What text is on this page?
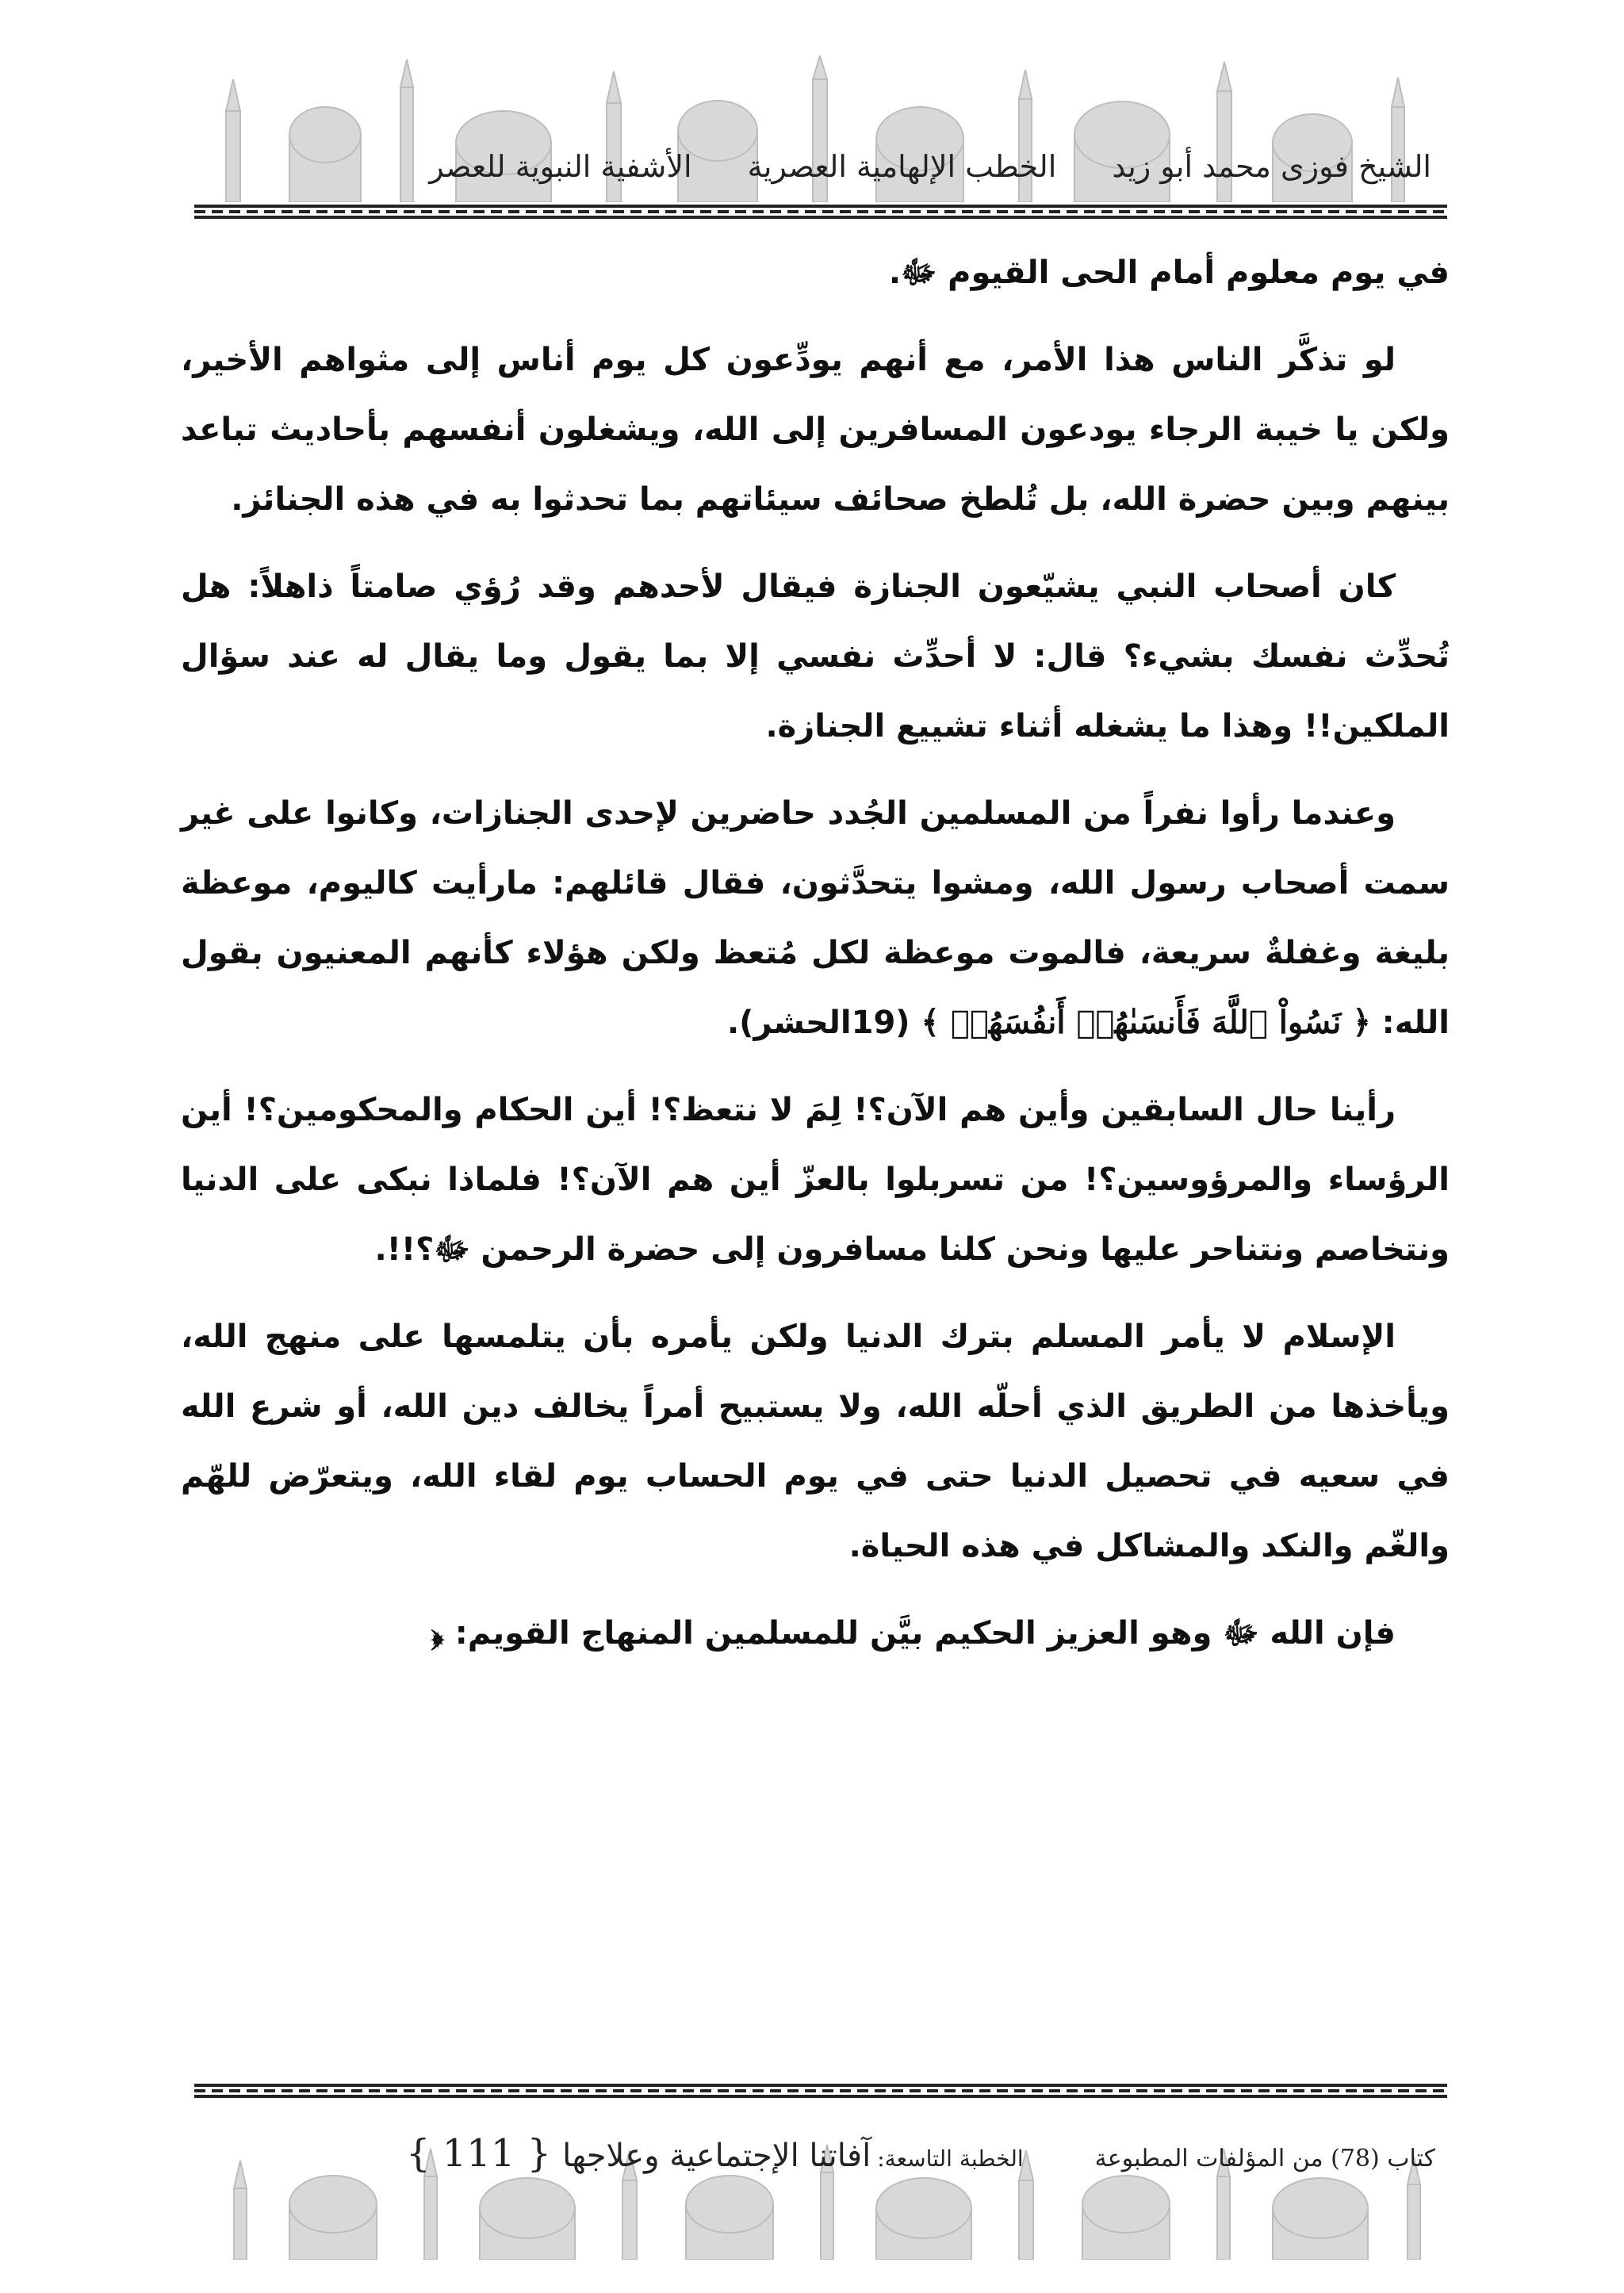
الشيخ فوزى محمد أبو زيد
الخطب الإلهامية العصرية
الأشفية النبوية للعصر

في يوم معلوم أمام الحى القيوم ﷻ.

لو تذكَّر الناس هذا الأمر، مع أنهم يودِّعون كل يوم أناس إلى مثواهم الأخير، ولكن يا خيبة الرجاء يودعون المسافرين إلى الله، ويشغلون أنفسهم بأحاديث تباعد بينهم وبين حضرة الله، بل تُلطخ صحائف سيئاتهم بما تحدثوا به في هذه الجنائز.

كان أصحاب النبي يشيّعون الجنازة فيقال لأحدهم وقد رُؤي صامتاً ذاهلاً: هل تُحدِّث نفسك بشيء؟ قال: لا أحدِّث نفسي إلا بما يقول وما يقال له عند سؤال الملكين!! وهذا ما يشغله أثناء تشييع الجنازة.

وعندما رأوا نفراً من المسلمين الجُدد حاضرين لإحدى الجنازات، وكانوا على غير سمت أصحاب رسول الله، ومشوا يتحدَّثون، فقال قائلهم: مارأيت كاليوم، موعظة بليغة وغفلةٌ سريعة، فالموت موعظة لكل مُتعظ ولكن هؤلاء كأنهم المعنيون بقول الله: ﴿ نَسُواْ ٱللَّهَ فَأَنسَىٰهُمۡ أَنفُسَهُمۡ ﴾ (19الحشر).

رأينا حال السابقين وأين هم الآن؟! لِمَ لا نتعظ؟! أين الحكام والمحكومين؟! أين الرؤساء والمرؤوسين؟! من تسربلوا بالعزّ أين هم الآن؟! فلماذا نبكى على الدنيا ونتخاصم ونتناحر عليها ونحن كلنا مسافرون إلى حضرة الرحمن ﷻ؟!!.

الإسلام لا يأمر المسلم بترك الدنيا ولكن يأمره بأن يتلمسها على منهج الله، ويأخذها من الطريق الذي أحلّه الله، ولا يستبيح أمراً يخالف دين الله، أو شرع الله في سعيه في تحصيل الدنيا حتى في يوم الحساب يوم لقاء الله، ويتعرّض للهّم والغّم والنكد والمشاكل في هذه الحياة.

فإن الله ﷻ وهو العزيز الحكيم بيَّن للمسلمين المنهاج القويم: ﴿

كتاب (78) من المؤلفات المطبوعة
الخطبة التاسعة:
آفاتنا الإجتماعية وعلاجها
{ 111 }
